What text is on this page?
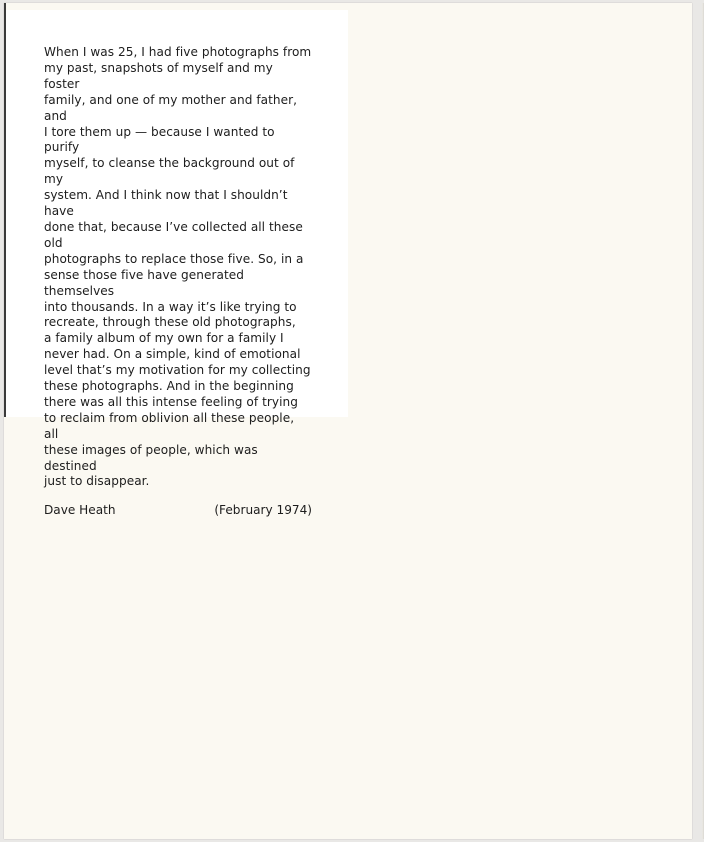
When I was 25, I had five photographs from
my past, snapshots of myself and my foster
family, and one of my mother and father, and
I tore them up — because I wanted to purify
myself, to cleanse the background out of my
system. And I think now that I shouldn’t have
done that, because I’ve collected all these old
photographs to replace those five. So, in a
sense those five have generated themselves
into thousands. In a way it’s like trying to
recreate, through these old photographs,
a family album of my own for a family I
never had. On a simple, kind of emotional
level that’s my motivation for my collecting
these photographs. And in the beginning
there was all this intense feeling of trying
to reclaim from oblivion all these people, all
these images of people, which was destined
just to disappear.

Dave Heath	(February 1974)
